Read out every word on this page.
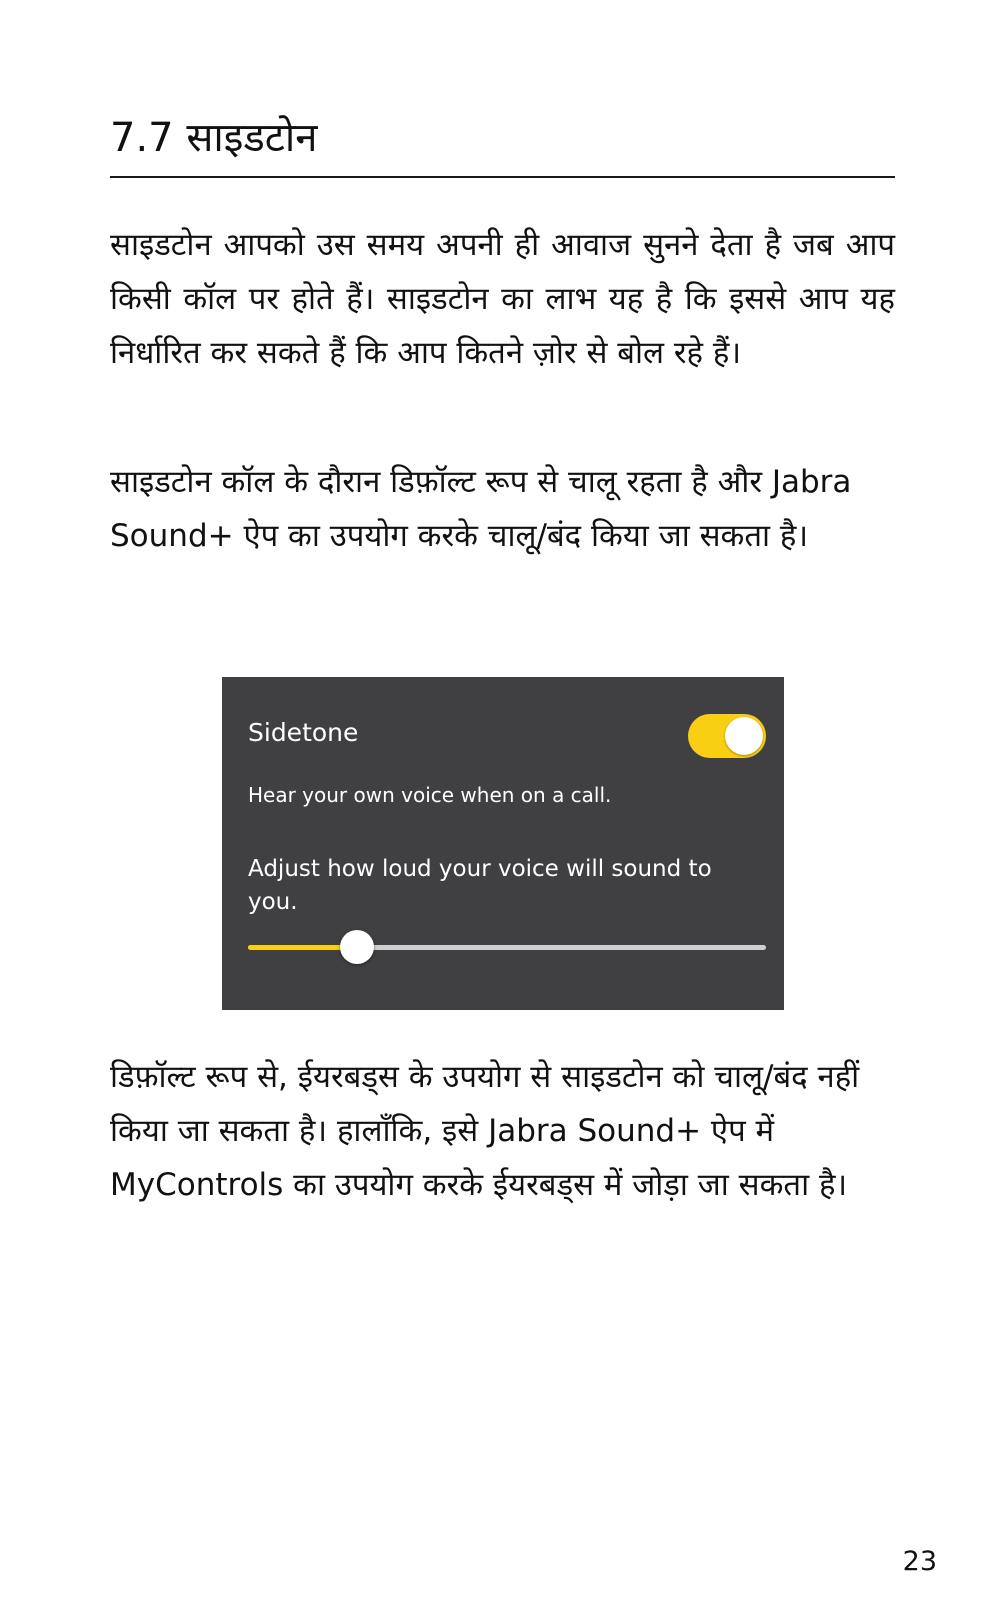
7.7 साइडटोन

साइडटोन आपको उस समय अपनी ही आवाज सुनने देता है जब आप किसी कॉल पर होते हैं। साइडटोन का लाभ यह है कि इससे आप यह निर्धारित कर सकते हैं कि आप कितने ज़ोर से बोल रहे हैं।

साइडटोन कॉल के दौरान डिफ़ॉल्ट रूप से चालू रहता है और Jabra Sound+ ऐप का उपयोग करके चालू/बंद किया जा सकता है।

Sidetone
Hear your own voice when on a call.
Adjust how loud your voice will sound to you.

डिफ़ॉल्ट रूप से, ईयरबड्स के उपयोग से साइडटोन को चालू/बंद नहीं किया जा सकता है। हालाँकि, इसे Jabra Sound+ ऐप में MyControls का उपयोग करके ईयरबड्स में जोड़ा जा सकता है।

23
